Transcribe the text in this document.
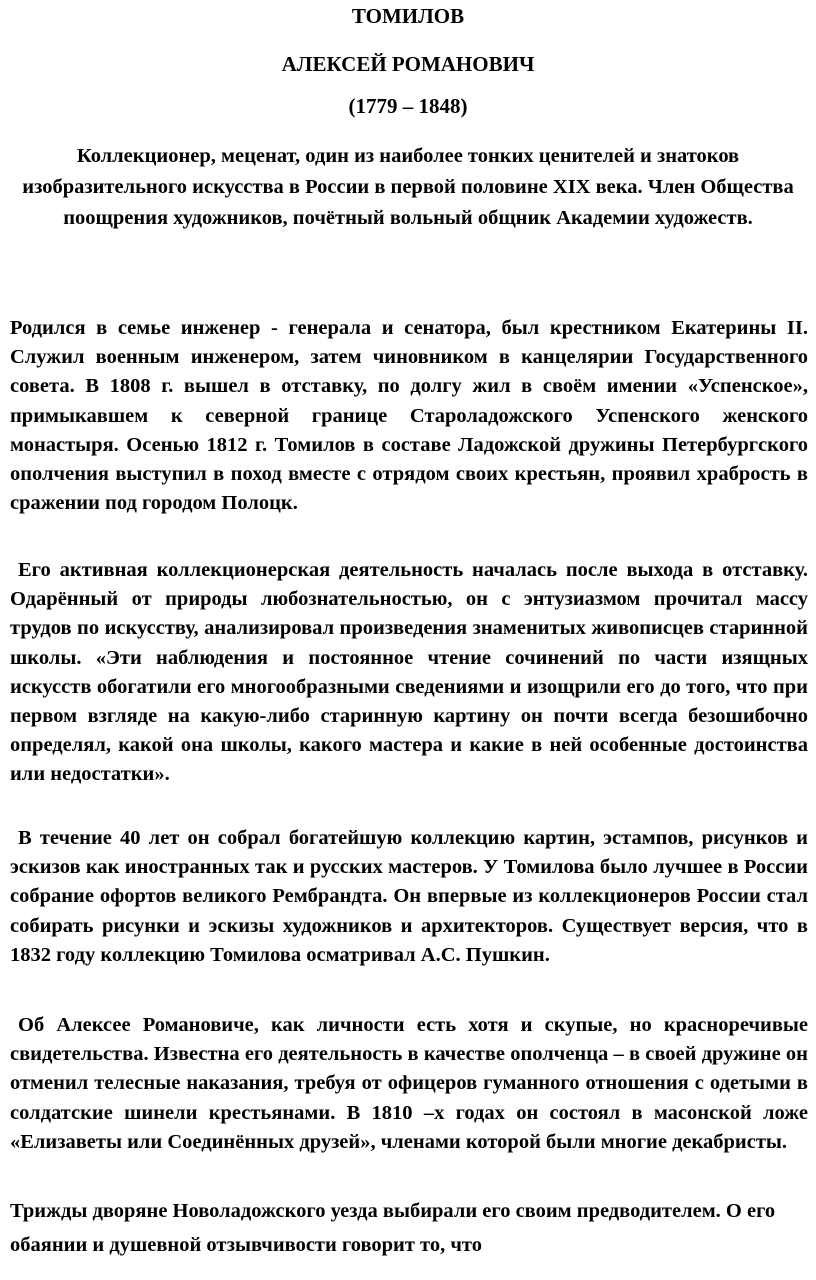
ТОМИЛОВ
АЛЕКСЕЙ РОМАНОВИЧ
(1779 – 1848)

Коллекционер, меценат, один из наиболее тонких ценителей и знатоков изобразительного искусства в России в первой половине XIX века. Член Общества поощрения художников, почётный вольный общник Академии художеств.

Родился в семье инженер - генерала и сенатора, был крестником Екатерины II. Служил военным инженером, затем чиновником в канцелярии Государственного совета. В 1808 г. вышел в отставку, по долгу жил в своём имении «Успенское», примыкавшем к северной границе Староладожского Успенского женского монастыря. Осенью 1812 г. Томилов в составе Ладожской дружины Петербургского ополчения выступил в поход вместе с отрядом своих крестьян, проявил храбрость в сражении под городом Полоцк.

Его активная коллекционерская деятельность началась после выхода в отставку. Одарённый от природы любознательностью, он с энтузиазмом прочитал массу трудов по искусству, анализировал произведения знаменитых живописцев старинной школы. «Эти наблюдения и постоянное чтение сочинений по части изящных искусств обогатили его многообразными сведениями и изощрили его до того, что при первом взгляде на какую-либо старинную картину он почти всегда безошибочно определял, какой она школы, какого мастера и какие в ней особенные достоинства или недостатки».

В течение 40 лет он собрал богатейшую коллекцию картин, эстампов, рисунков и эскизов как иностранных так и русских мастеров. У Томилова было лучшее в России собрание офортов великого Рембрандта. Он впервые из коллекционеров России стал собирать рисунки и эскизы художников и архитекторов. Существует версия, что в 1832 году коллекцию Томилова осматривал А.С. Пушкин.

Об Алексее Романовиче, как личности есть хотя и скупые, но красноречивые свидетельства. Известна его деятельность в качестве ополченца – в своей дружине он отменил телесные наказания, требуя от офицеров гуманного отношения с одетыми в солдатские шинели крестьянами. В 1810 –х годах он состоял в масонской ложе «Елизаветы или Соединённых друзей», членами которой были многие декабристы.

Трижды дворяне Новоладожского уезда выбирали его своим предводителем. О его обаянии и душевной отзывчивости говорит то, что
